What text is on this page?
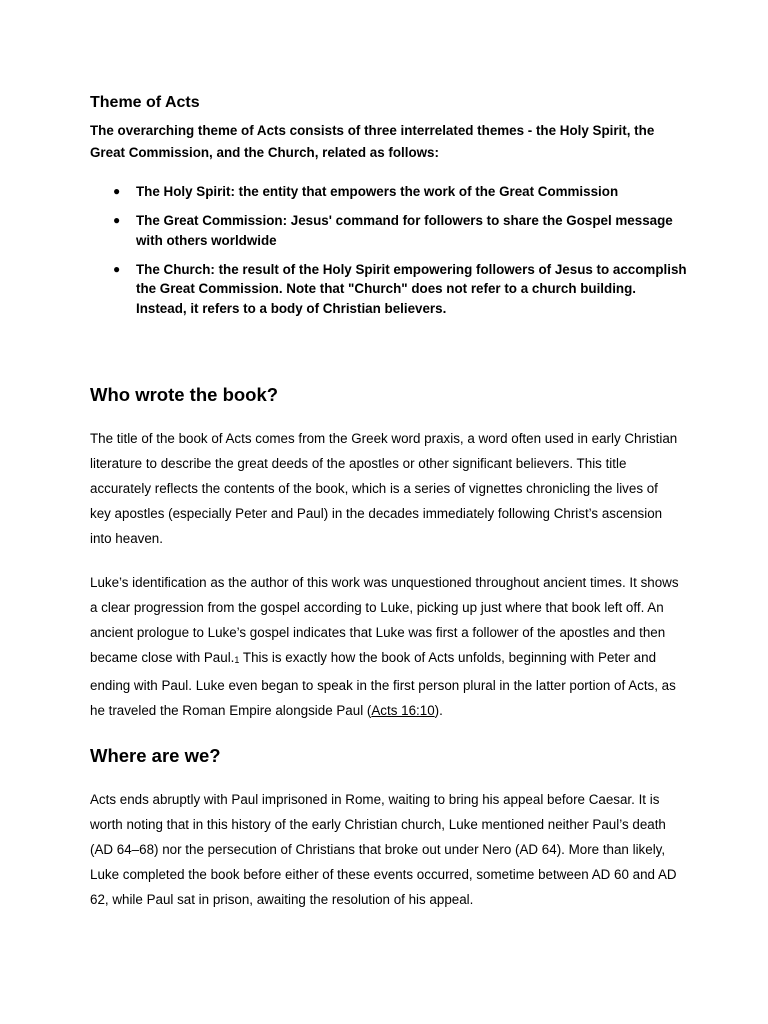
Theme of Acts

The overarching theme of Acts consists of three interrelated themes - the Holy Spirit, the Great Commission, and the Church, related as follows:

● The Holy Spirit: the entity that empowers the work of the Great Commission
● The Great Commission: Jesus' command for followers to share the Gospel message with others worldwide
● The Church: the result of the Holy Spirit empowering followers of Jesus to accomplish the Great Commission. Note that "Church" does not refer to a church building. Instead, it refers to a body of Christian believers.
Who wrote the book?

The title of the book of Acts comes from the Greek word praxis, a word often used in early Christian literature to describe the great deeds of the apostles or other significant believers. This title accurately reflects the contents of the book, which is a series of vignettes chronicling the lives of key apostles (especially Peter and Paul) in the decades immediately following Christ’s ascension into heaven.

Luke’s identification as the author of this work was unquestioned throughout ancient times. It shows a clear progression from the gospel according to Luke, picking up just where that book left off. An ancient prologue to Luke’s gospel indicates that Luke was first a follower of the apostles and then became close with Paul.1 This is exactly how the book of Acts unfolds, beginning with Peter and ending with Paul. Luke even began to speak in the first person plural in the latter portion of Acts, as he traveled the Roman Empire alongside Paul (Acts 16:10).

Where are we?

Acts ends abruptly with Paul imprisoned in Rome, waiting to bring his appeal before Caesar. It is worth noting that in this history of the early Christian church, Luke mentioned neither Paul’s death (AD 64–68) nor the persecution of Christians that broke out under Nero (AD 64). More than likely, Luke completed the book before either of these events occurred, sometime between AD 60 and AD 62, while Paul sat in prison, awaiting the resolution of his appeal.
